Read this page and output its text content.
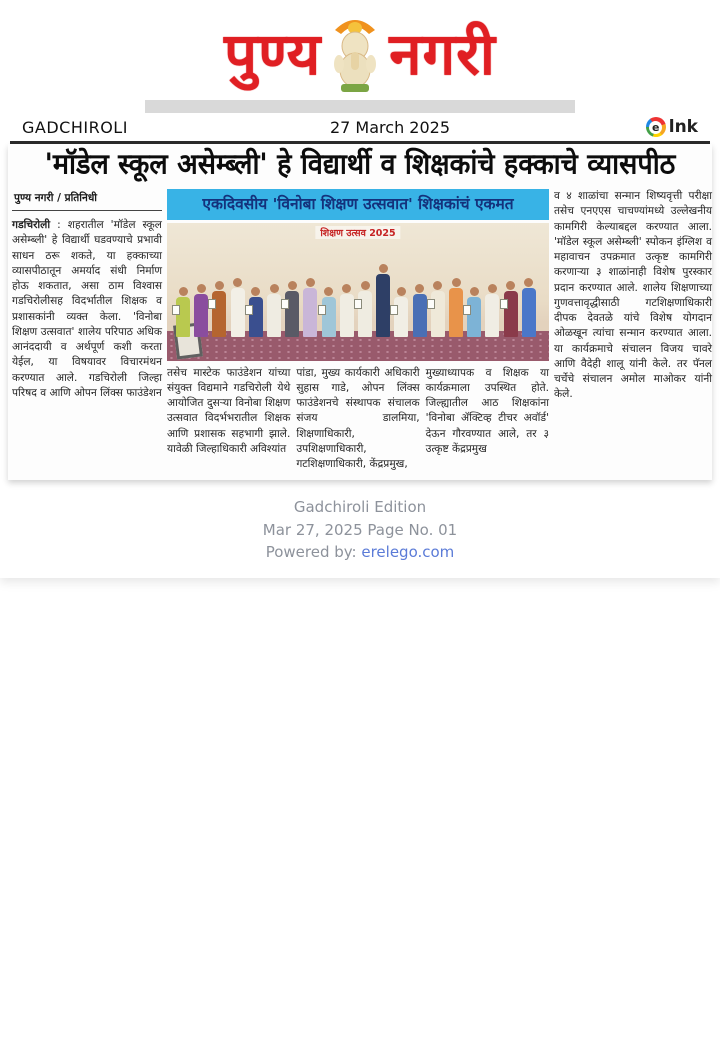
पुण्य नगरी
GADCHIROLI	27 March 2025	e lnk
'मॉडेल स्कूल असेम्ब्ली' हे विद्यार्थी व शिक्षकांचे हक्काचे व्यासपीठ
पुण्य नगरी / प्रतिनिधी
गडचिरोली : शहरातील 'मॉडेल स्कूल असेम्ब्ली' हे विद्यार्थी घडवण्याचे प्रभावी साधन ठरू शकते, या हक्काच्या व्यासपीठातून अमर्याद संधी निर्माण होऊ शकतात, असा ठाम विश्वास गडचिरोलीसह विदर्भातील शिक्षक व प्रशासकांनी व्यक्त केला. 'विनोबा शिक्षण उत्सवात' शालेय परिपाठ अधिक आनंददायी व अर्थपूर्ण कशी करता येईल, या विषयावर विचारमंथन करण्यात आले. गडचिरोली जिल्हा परिषद व आणि ओपन लिंक्स फाउंडेशन
एकदिवसीय 'विनोबा शिक्षण उत्सवात' शिक्षकांचं एकमत
शिक्षण उत्सव 2025
तसेच मास्टेक फाउंडेशन यांच्या संयुक्त विद्यमाने गडचिरोली येथे आयोजित दुसऱ्या विनोबा शिक्षण उत्सवात विदर्भभरातील शिक्षक आणि प्रशासक सहभागी झाले. यावेळी जिल्हाधिकारी अविश्यांत
पांडा, मुख्य कार्यकारी अधिकारी सुहास गाडे, ओपन लिंक्स फाउंडेशनचे संस्थापक संचालक संजय डालमिया, शिक्षणाधिकारी, उपशिक्षणाधिकारी, गटशिक्षणाधिकारी, केंद्रप्रमुख,
मुख्याध्यापक व शिक्षक या कार्यक्रमाला उपस्थित होते. जिल्ह्यातील आठ शिक्षकांना 'विनोबा ॲक्टिव्ह टीचर अवॉर्ड' देऊन गौरवण्यात आले, तर ३ उत्कृष्ट केंद्रप्रमुख
व ४ शाळांचा सन्मान शिष्यवृत्ती परीक्षा तसेच एनएएस चाचण्यांमध्ये उल्लेखनीय कामगिरी केल्याबद्दल करण्यात आला. 'मॉडेल स्कूल असेम्ब्ली' स्पोकन इंग्लिश व महावाचन उपक्रमात उत्कृष्ट कामगिरी करणाऱ्या ३ शाळांनाही विशेष पुरस्कार प्रदान करण्यात आले. शालेय शिक्षणाच्या गुणवत्तावृद्धीसाठी गटशिक्षणाधिकारी दीपक देवतळे यांचे विशेष योगदान ओळखून त्यांचा सन्मान करण्यात आला. या कार्यक्रमाचे संचालन विजय चावरे आणि वैदेही शालू यांनी केले. तर पॅनल चर्चेचे संचालन अमोल माओकर यांनी केले.
Gadchiroli Edition
Mar 27, 2025 Page No. 01
Powered by: erelego.com
